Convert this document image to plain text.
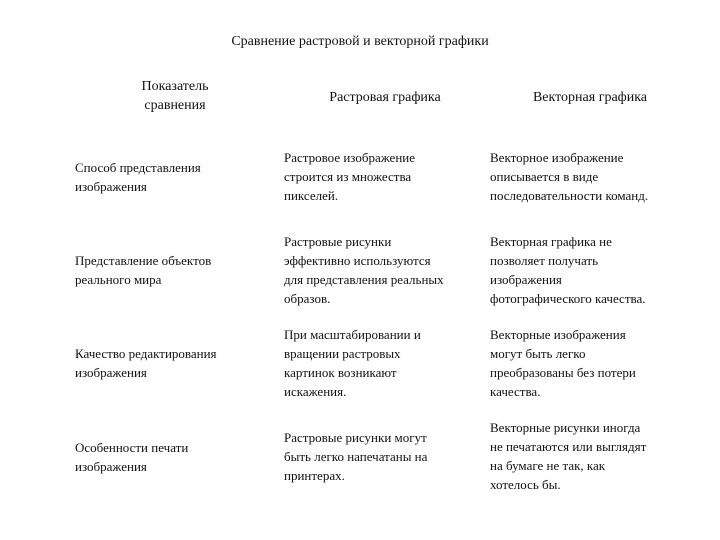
Сравнение растровой и векторной графики
Показатель
сравнения
Растровая графика	Векторная графика
Способ представления
изображения
Растровое изображение
строится из множества
пикселей.
Векторное изображение
описывается в виде
последовательности команд.
Представление объектов
реального мира
Растровые рисунки
эффективно используются
для представления реальных
образов.
Векторная графика не
позволяет получать
изображения
фотографического качества.
Качество редактирования
изображения
При масштабировании и
вращении растровых
картинок возникают
искажения.
Векторные изображения
могут быть легко
преобразованы без потери
качества.
Особенности печати
изображения
Растровые рисунки могут
быть легко напечатаны на
принтерах.
Векторные рисунки иногда
не печатаются или выглядят
на бумаге не так, как
хотелось бы.
